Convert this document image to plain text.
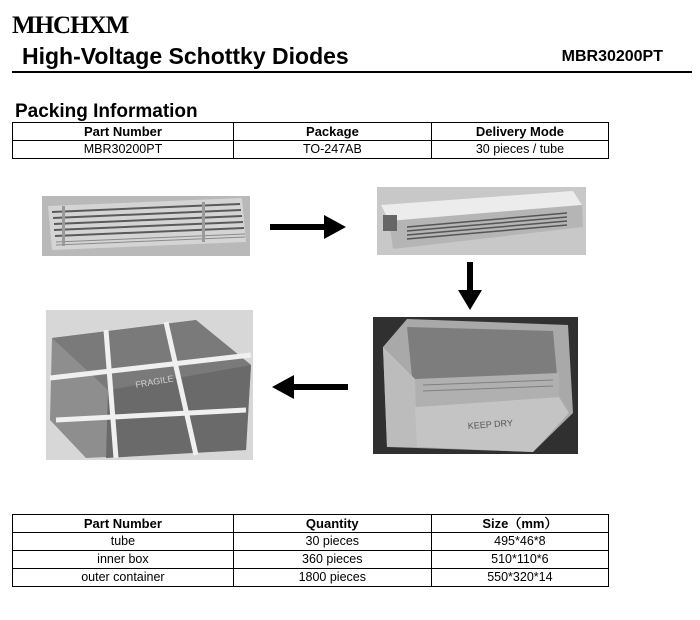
MHCHXM
High-Voltage Schottky Diodes	MBR30200PT
Packing Information
Part Number	Package	Delivery Mode
MBR30200PT	TO-247AB	30 pieces / tube
KEEP DRY
FRAGILE
Part Number	Quantity	Size（mm）
tube	30 pieces	495*46*8
inner box	360 pieces	510*110*6
outer container	1800 pieces	550*320*14
